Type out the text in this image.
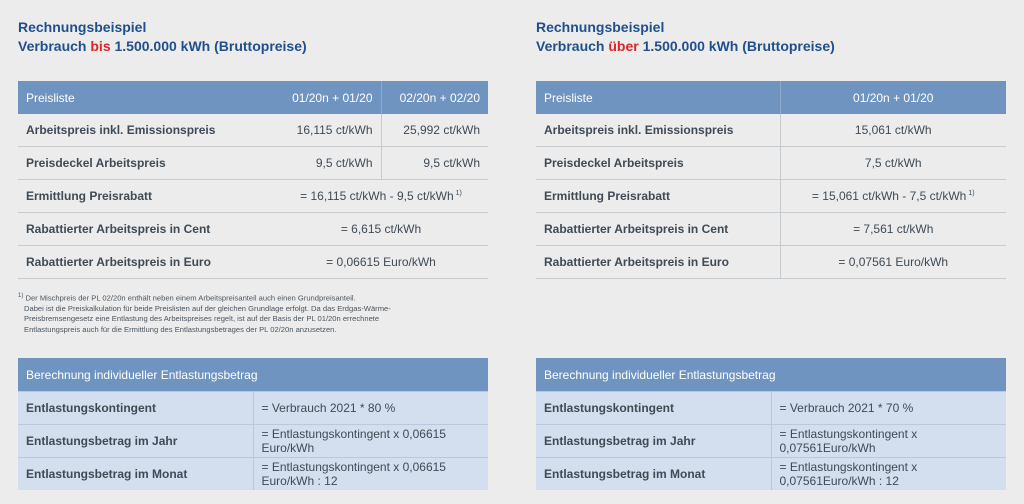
Rechnungsbeispiel
Verbrauch bis 1.500.000 kWh (Bruttopreise)
Preisliste	01/20n + 01/20	02/20n + 02/20
Arbeitspreis inkl. Emissionspreis	16,115 ct/kWh	25,992 ct/kWh
Preisdeckel Arbeitspreis	9,5 ct/kWh	9,5 ct/kWh
Ermittlung Preisrabatt	= 16,115 ct/kWh - 9,5 ct/kWh $^{1)}$
Rabattierter Arbeitspreis in Cent	= 6,615 ct/kWh	
Rabattierter Arbeitspreis in Euro	= 0,06615 Euro/kWh	
$^{1)}$ Der Mischpreis der PL 02/20n enthält neben einem Arbeitspreisanteil auch einen Grundpreisanteil.
Dabei ist die Preiskalkulation für beide Preislisten auf der gleichen Grundlage erfolgt. Da das Erdgas-Wärme-
Preisbremsengesetz eine Entlastung des Arbeitspreises regelt, ist auf der Basis der PL 01/20n errechnete
Entlastungspreis auch für die Ermittlung des Entlastungsbetrages der PL 02/20n anzusetzen.
Berechnung individueller Entlastungsbetrag	
Entlastungskontingent	= Verbrauch 2021 * 80 %
Entlastungsbetrag im Jahr	= Entlastungskontingent x 0,06615 Euro/kWh
Entlastungsbetrag im Monat	= Entlastungskontingent x 0,06615 Euro/kWh : 12
Rechnungsbeispiel
Verbrauch über 1.500.000 kWh (Bruttopreise)
Preisliste	01/20n + 01/20
Arbeitspreis inkl. Emissionspreis	15,061 ct/kWh
Preisdeckel Arbeitspreis	7,5 ct/kWh
Ermittlung Preisrabatt	= 15,061 ct/kWh - 7,5 ct/kWh $^{1)}$
Rabattierter Arbeitspreis in Cent	= 7,561 ct/kWh
Rabattierter Arbeitspreis in Euro	= 0,07561 Euro/kWh
Berechnung individueller Entlastungsbetrag	
Entlastungskontingent	= Verbrauch 2021 * 70 %
Entlastungsbetrag im Jahr	= Entlastungskontingent x 0,07561Euro/kWh
Entlastungsbetrag im Monat	= Entlastungskontingent x 0,07561Euro/kWh : 12
